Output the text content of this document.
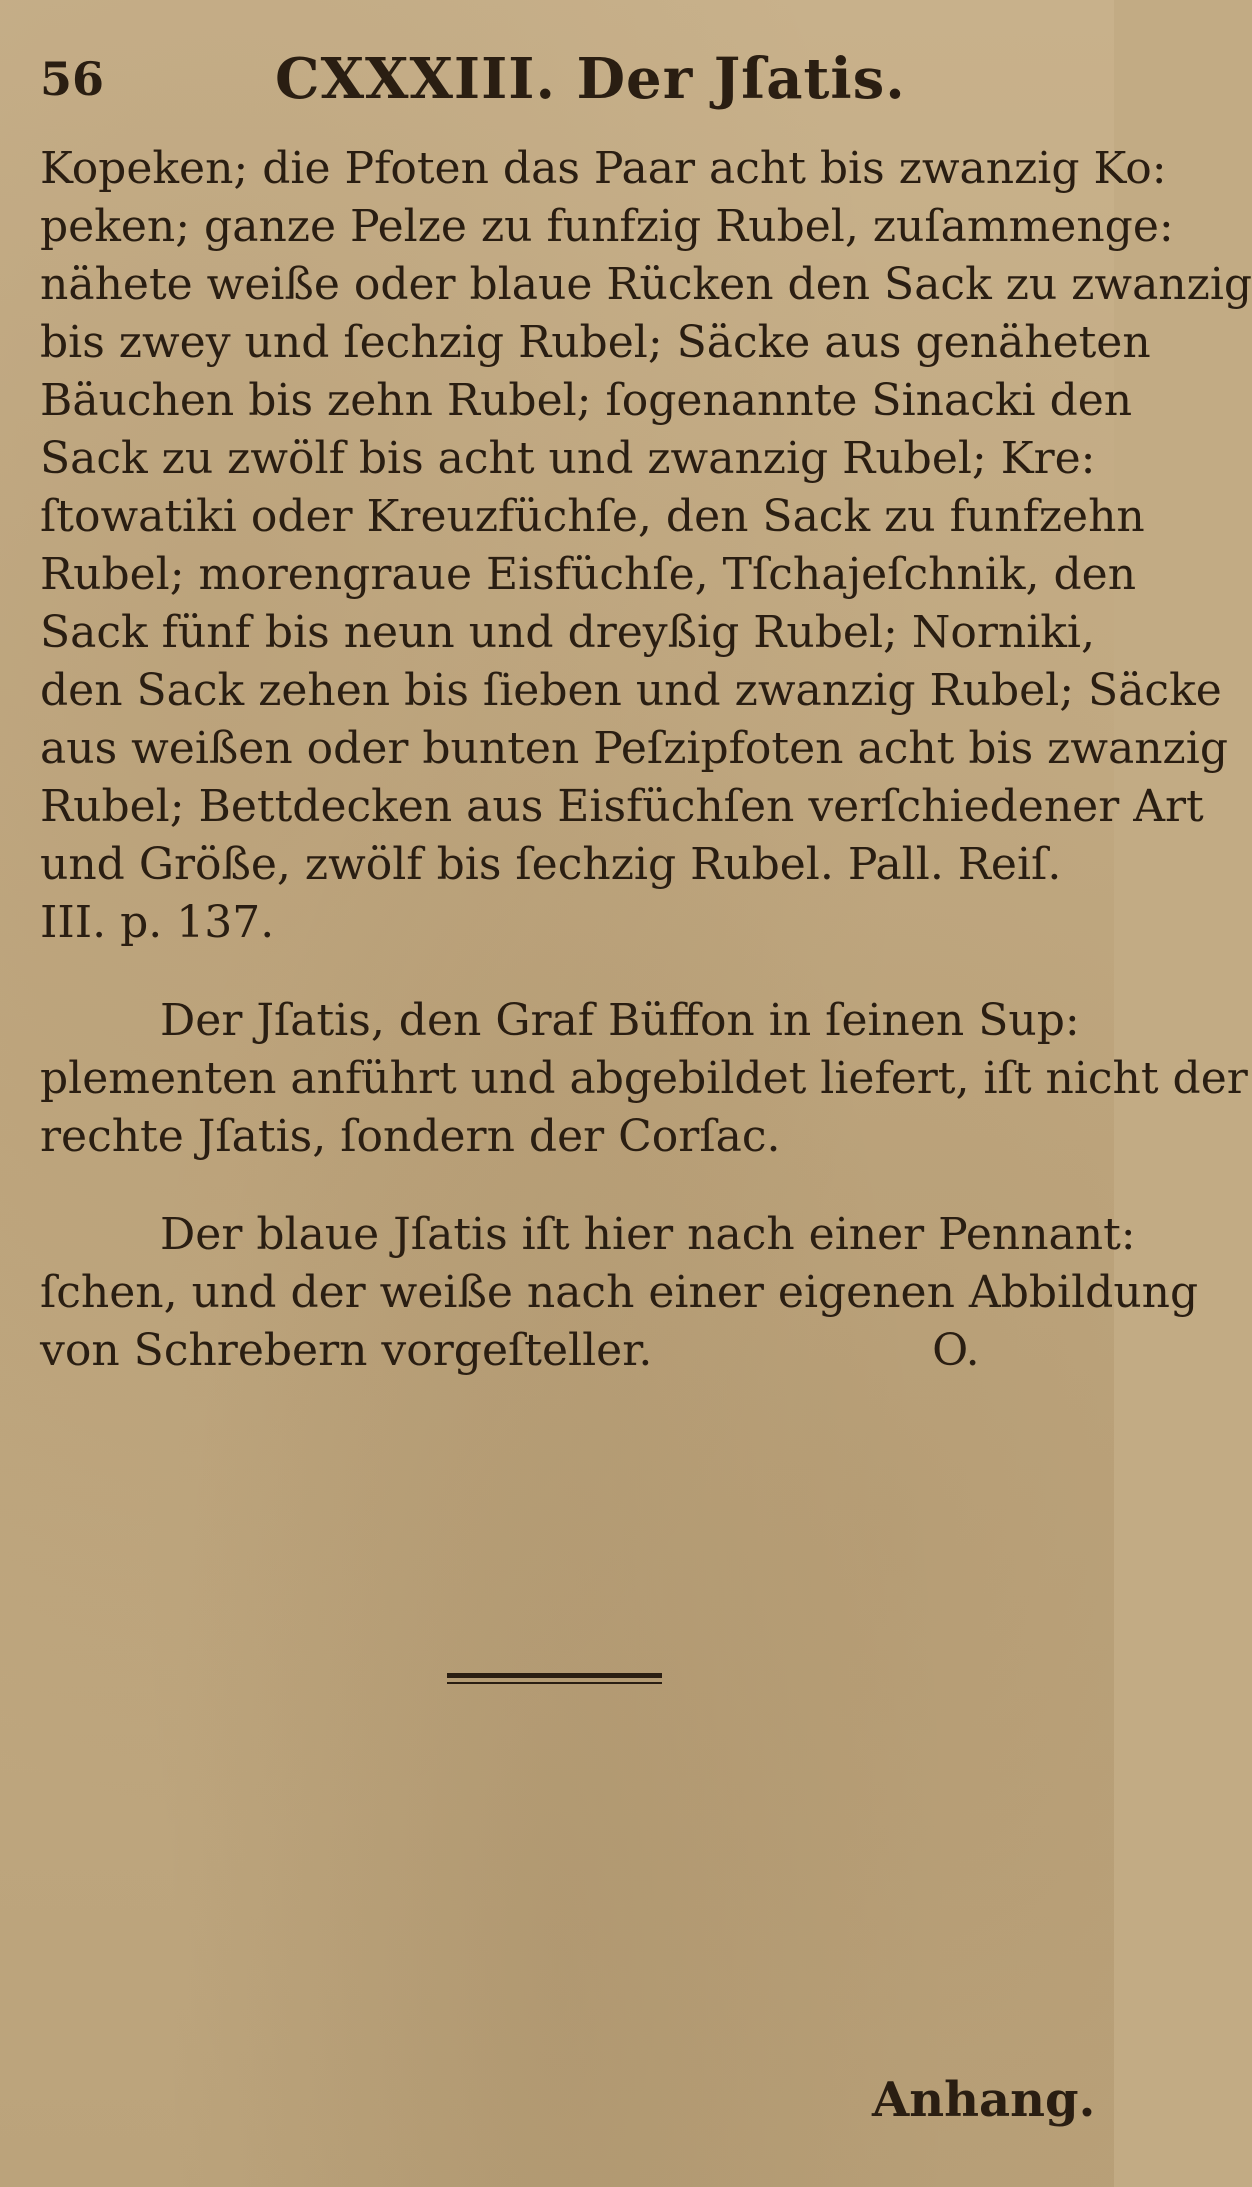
56	CXXXIII. Der Jſatis.
Kopeken; die Pfoten das Paar acht bis zwanzig Ko:
peken; ganze Pelze zu funfzig Rubel, zuſammenge:
nähete weiße oder blaue Rücken den Sack zu zwanzig
bis zwey und ſechzig Rubel; Säcke aus genäheten
Bäuchen bis zehn Rubel; ſogenannte Sinacki den
Sack zu zwölf bis acht und zwanzig Rubel; Kre:
ſtowatiki oder Kreuzfüchſe, den Sack zu funfzehn
Rubel; morengraue Eisfüchſe, Tſchajeſchnik, den
Sack fünf bis neun und dreyßig Rubel; Norniki,
den Sack zehen bis ſieben und zwanzig Rubel; Säcke
aus weißen oder bunten Peſzipfoten acht bis zwanzig
Rubel; Bettdecken aus Eisfüchſen verſchiedener Art
und Größe, zwölf bis ſechzig Rubel. Pall. Reiſ.
III. p. 137.
Der Jſatis, den Graf Büffon in ſeinen Sup:
plementen anführt und abgebildet liefert, iſt nicht der
rechte Jſatis, ſondern der Corſac.
Der blaue Jſatis iſt hier nach einer Pennant:
ſchen, und der weiße nach einer eigenen Abbildung
von Schrebern vorgeſteller.                    O.
Anhang.
